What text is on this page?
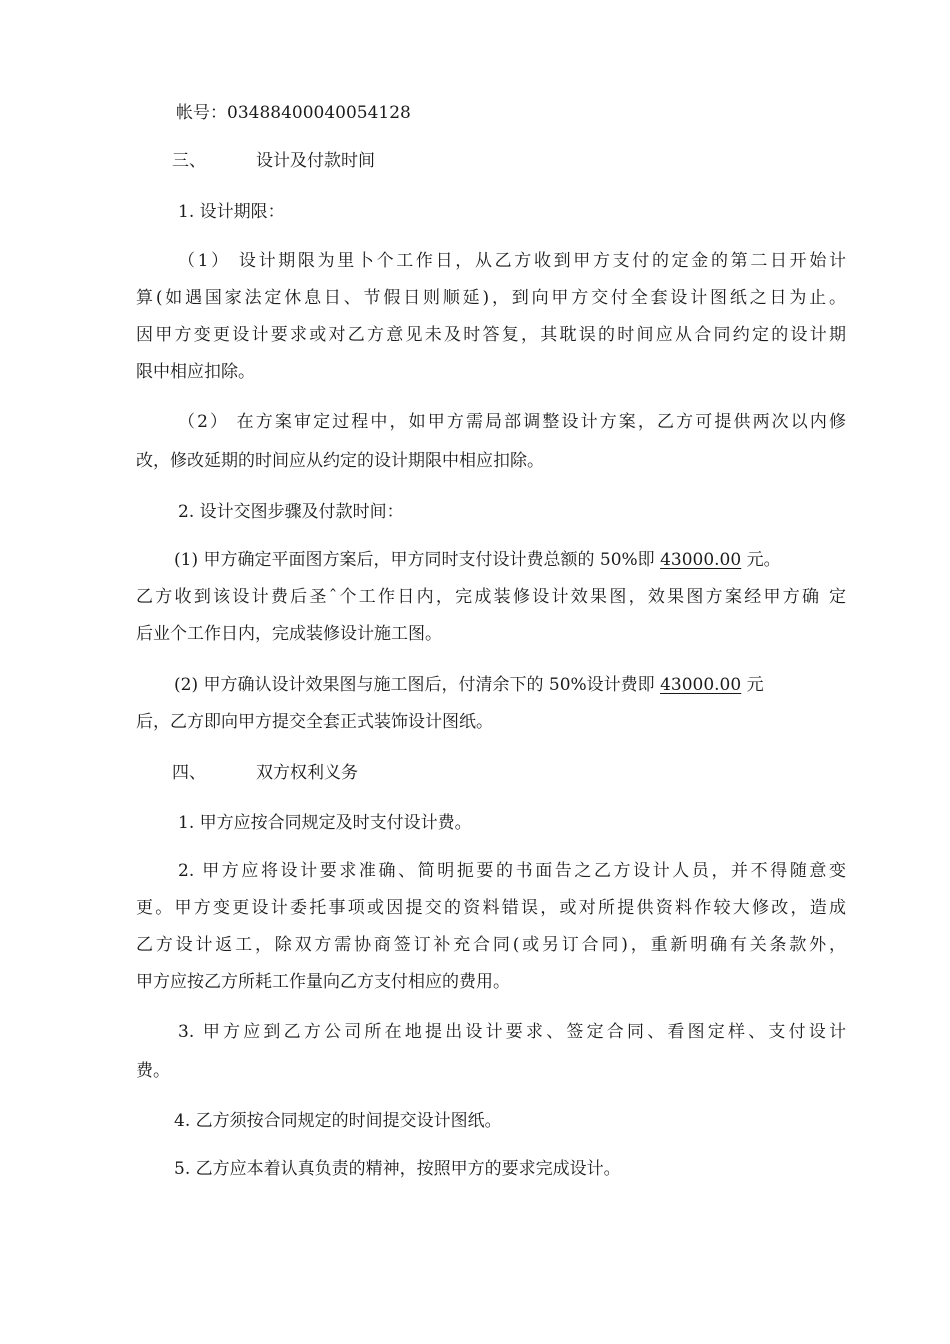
帐号：03488400040054128
三、	设计及付款时间
1. 设计期限：
（1） 设计期限为里卜个工作日，从乙方收到甲方支付的定金的第二日开始计
算(如遇国家法定休息日、节假日则顺延)，到向甲方交付全套设计图纸之日为止。
因甲方变更设计要求或对乙方意见未及时答复，其耽误的时间应从合同约定的设计期
限中相应扣除。
（2） 在方案审定过程中，如甲方需局部调整设计方案，乙方可提供两次以内修
改，修改延期的时间应从约定的设计期限中相应扣除。
2. 设计交图步骤及付款时间：
(1) 甲方确定平面图方案后，甲方同时支付设计费总额的 50%即 43000.00 元。
乙方收到该设计费后圣ˆ个工作日内，完成装修设计效果图，效果图方案经甲方确 定
后业个工作日内，完成装修设计施工图。
(2) 甲方确认设计效果图与施工图后，付清余下的 50%设计费即 43000.00 元
后，乙方即向甲方提交全套正式装饰设计图纸。
四、	双方权利义务
1. 甲方应按合同规定及时支付设计费。
2. 甲方应将设计要求准确、简明扼要的书面告之乙方设计人员，并不得随意变
更。甲方变更设计委托事项或因提交的资料错误，或对所提供资料作较大修改，造成
乙方设计返工，除双方需协商签订补充合同(或另订合同)，重新明确有关条款外，
甲方应按乙方所耗工作量向乙方支付相应的费用。
3. 甲方应到乙方公司所在地提出设计要求、签定合同、看图定样、支付设计
费。
4. 乙方须按合同规定的时间提交设计图纸。
5. 乙方应本着认真负责的精神，按照甲方的要求完成设计。
